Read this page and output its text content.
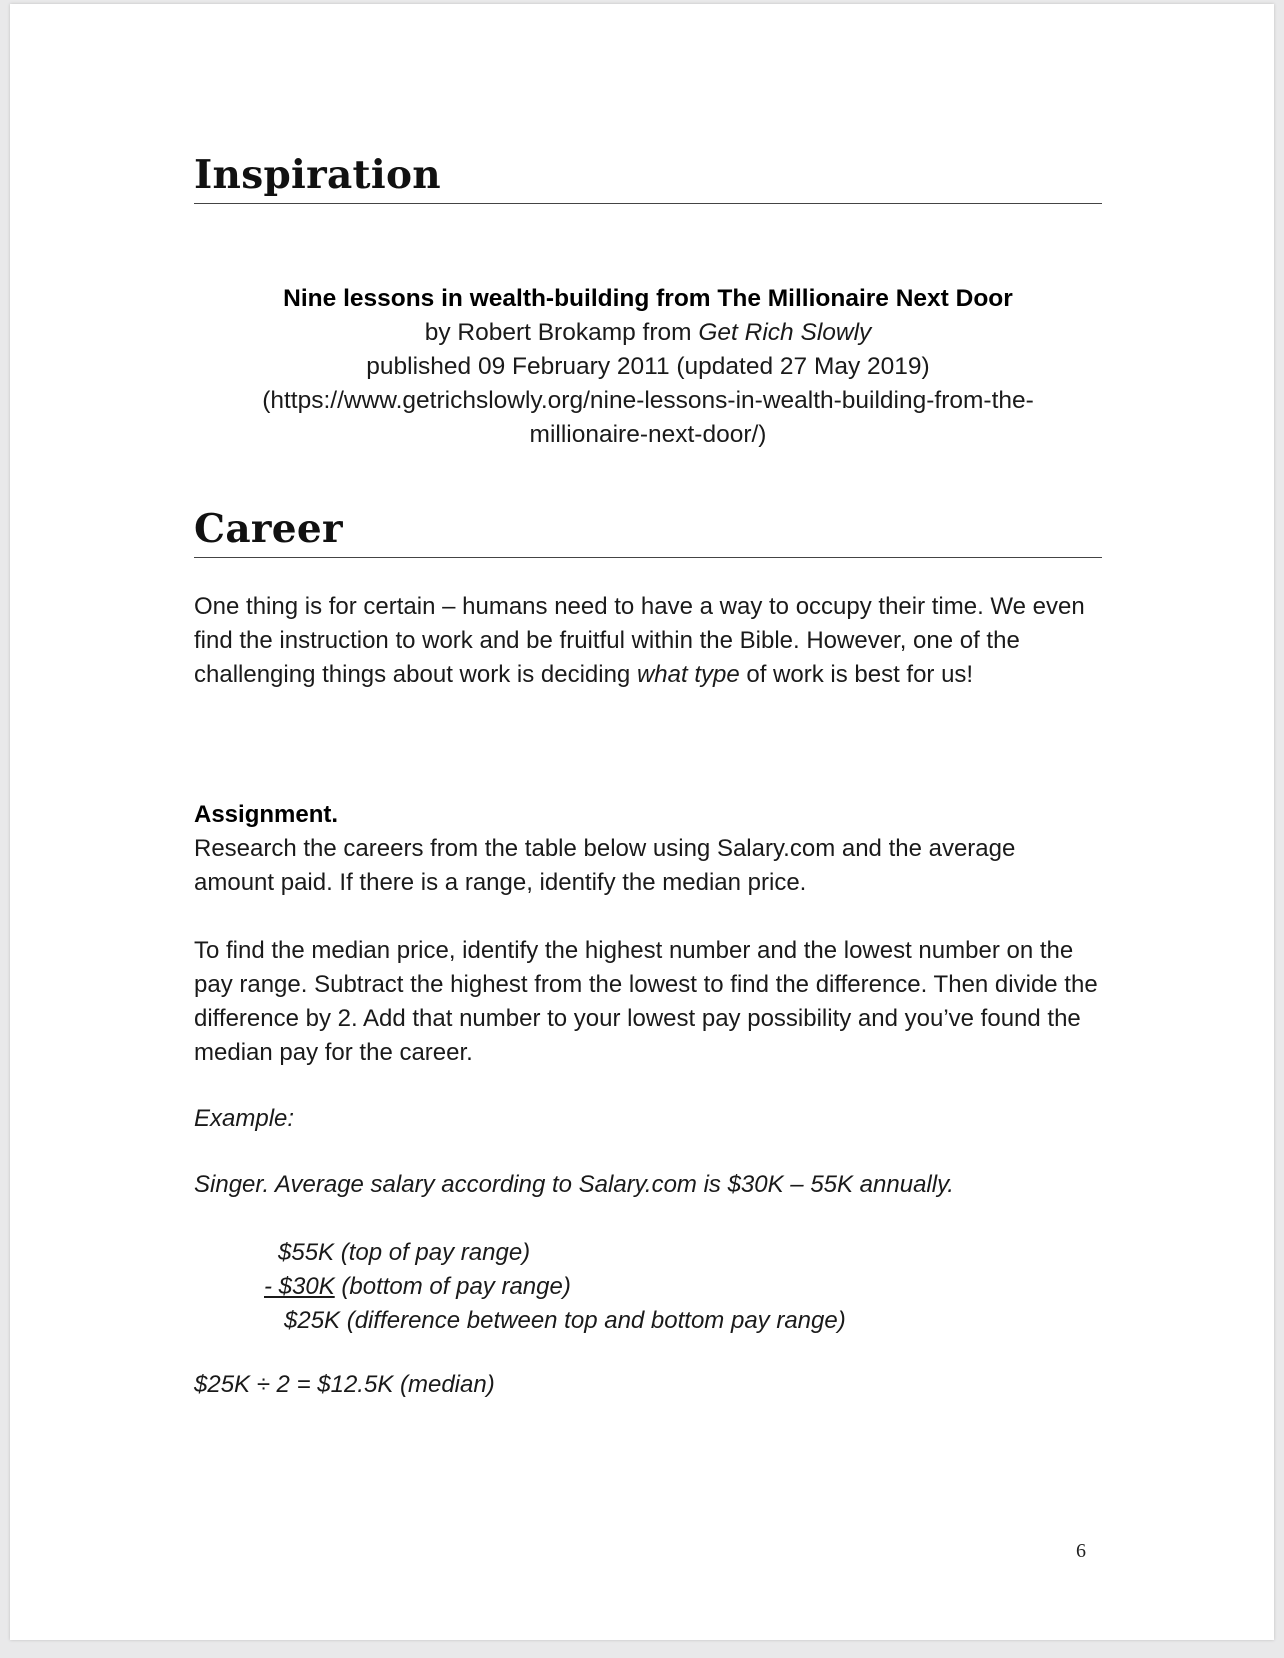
Inspiration
Nine lessons in wealth-building from The Millionaire Next Door
by Robert Brokamp from Get Rich Slowly
published 09 February 2011 (updated 27 May 2019)
(https://www.getrichslowly.org/nine-lessons-in-wealth-building-from-the-
millionaire-next-door/)
Career

One thing is for certain – humans need to have a way to occupy their time. We even find the instruction to work and be fruitful within the Bible. However, one of the challenging things about work is deciding what type of work is best for us!

Assignment.
Research the careers from the table below using Salary.com and the average amount paid. If there is a range, identify the median price.

To find the median price, identify the highest number and the lowest number on the pay range. Subtract the highest from the lowest to find the difference. Then divide the difference by 2. Add that number to your lowest pay possibility and you’ve found the median pay for the career.

Example:

Singer. Average salary according to Salary.com is $30K – 55K annually.

$55K (top of pay range)
- $30K (bottom of pay range)
$25K (difference between top and bottom pay range)

$25K ÷ 2 = $12.5K (median)

6
